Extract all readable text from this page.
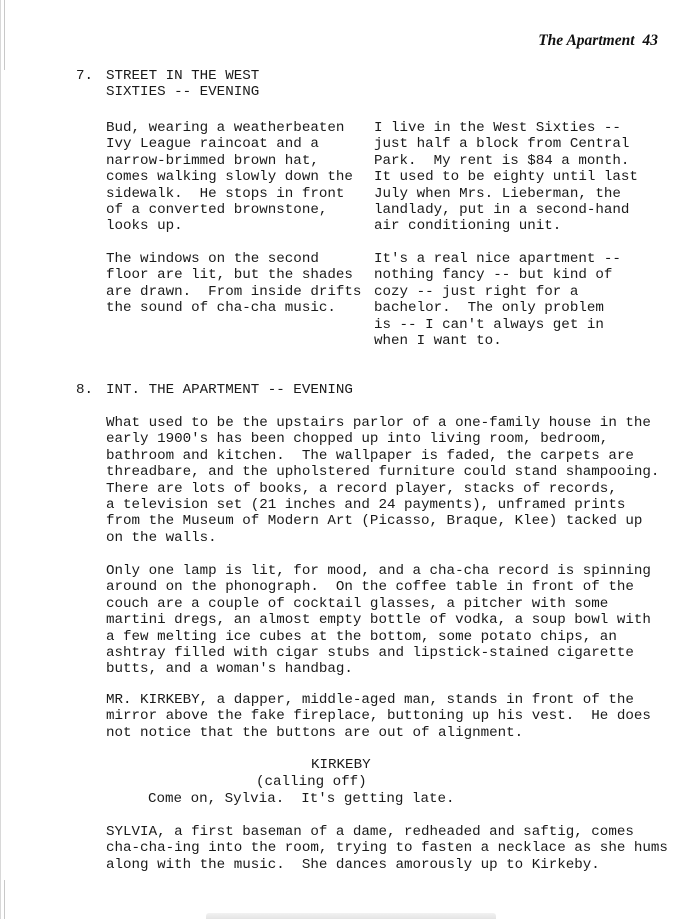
The Apartment 43
7. STREET IN THE WEST
SIXTIES -- EVENING
Bud, wearing a weatherbeaten
Ivy League raincoat and a
narrow-brimmed brown hat,
comes walking slowly down the
sidewalk.  He stops in front
of a converted brownstone,
looks up.
The windows on the second
floor are lit, but the shades
are drawn.  From inside drifts
the sound of cha-cha music.
I live in the West Sixties --
just half a block from Central
Park.  My rent is $84 a month.
It used to be eighty until last
July when Mrs. Lieberman, the
landlady, put in a second-hand
air conditioning unit.
It's a real nice apartment --
nothing fancy -- but kind of
cozy -- just right for a
bachelor.  The only problem
is -- I can't always get in
when I want to.
8. INT. THE APARTMENT -- EVENING
What used to be the upstairs parlor of a one-family house in the
early 1900's has been chopped up into living room, bedroom,
bathroom and kitchen.  The wallpaper is faded, the carpets are
threadbare, and the upholstered furniture could stand shampooing.
There are lots of books, a record player, stacks of records,
a television set (21 inches and 24 payments), unframed prints
from the Museum of Modern Art (Picasso, Braque, Klee) tacked up
on the walls.
Only one lamp is lit, for mood, and a cha-cha record is spinning
around on the phonograph.  On the coffee table in front of the
couch are a couple of cocktail glasses, a pitcher with some
martini dregs, an almost empty bottle of vodka, a soup bowl with
a few melting ice cubes at the bottom, some potato chips, an
ashtray filled with cigar stubs and lipstick-stained cigarette
butts, and a woman's handbag.
MR. KIRKEBY, a dapper, middle-aged man, stands in front of the
mirror above the fake fireplace, buttoning up his vest.  He does
not notice that the buttons are out of alignment.
KIRKEBY
(calling off)
Come on, Sylvia.  It's getting late.
SYLVIA, a first baseman of a dame, redheaded and saftig, comes
cha-cha-ing into the room, trying to fasten a necklace as she hums
along with the music.  She dances amorously up to Kirkeby.
